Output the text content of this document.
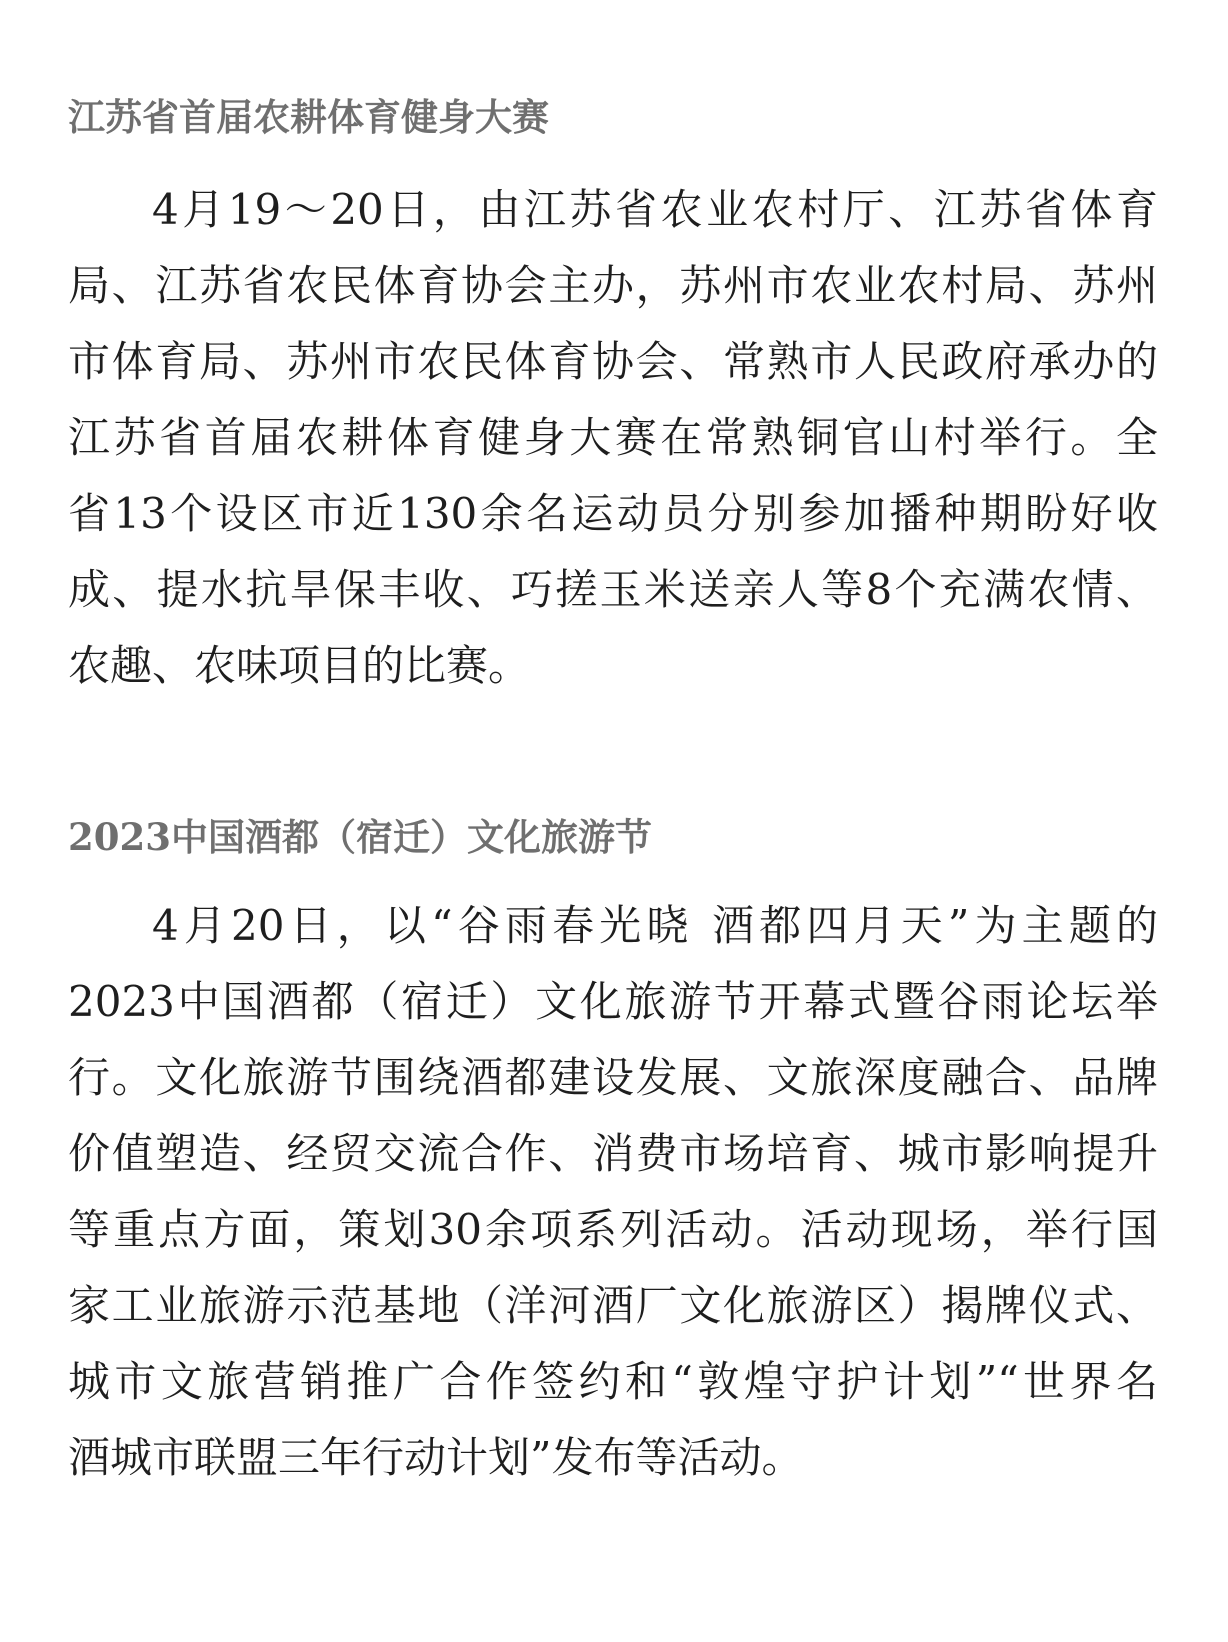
江苏省首届农耕体育健身大赛
4月19～20日，由江苏省农业农村厅、江苏省体育
局、江苏省农民体育协会主办，苏州市农业农村局、苏州
市体育局、苏州市农民体育协会、常熟市人民政府承办的
江苏省首届农耕体育健身大赛在常熟铜官山村举行。全
省13个设区市近130余名运动员分别参加播种期盼好收
成、提水抗旱保丰收、巧搓玉米送亲人等8个充满农情、
农趣、农味项目的比赛。
2023中国酒都（宿迁）文化旅游节
4月20日，以“谷雨春光晓 酒都四月天”为主题的
2023中国酒都（宿迁）文化旅游节开幕式暨谷雨论坛举
行。文化旅游节围绕酒都建设发展、文旅深度融合、品牌
价值塑造、经贸交流合作、消费市场培育、城市影响提升
等重点方面，策划30余项系列活动。活动现场，举行国
家工业旅游示范基地（洋河酒厂文化旅游区）揭牌仪式、
城市文旅营销推广合作签约和“敦煌守护计划”“世界名
酒城市联盟三年行动计划”发布等活动。
